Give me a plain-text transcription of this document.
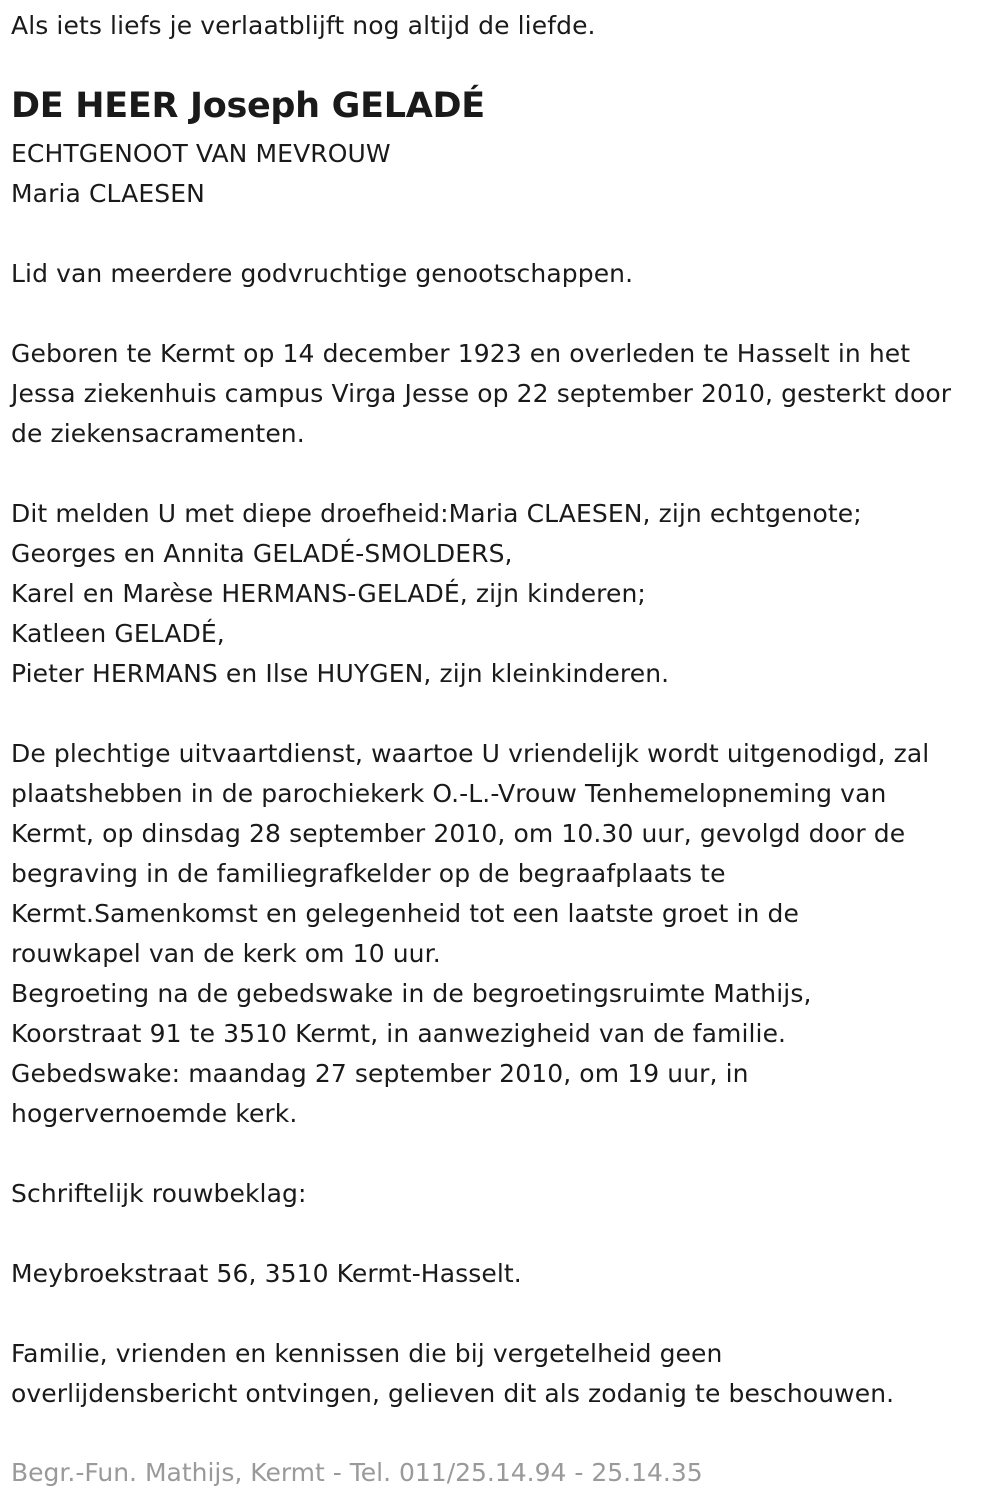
Als iets liefs je verlaatblijft nog altijd de liefde.
DE HEER Joseph GELADÉ
ECHTGENOOT VAN MEVROUW
Maria CLAESEN
Lid van meerdere godvruchtige genootschappen.
Geboren te Kermt op 14 december 1923 en overleden te Hasselt in het
Jessa ziekenhuis campus Virga Jesse op 22 september 2010, gesterkt door
de ziekensacramenten.
Dit melden U met diepe droefheid:Maria CLAESEN, zijn echtgenote;
Georges en Annita GELADÉ-SMOLDERS,
Karel en Marèse HERMANS-GELADÉ, zijn kinderen;
Katleen GELADÉ,
Pieter HERMANS en Ilse HUYGEN, zijn kleinkinderen.
De plechtige uitvaartdienst, waartoe U vriendelijk wordt uitgenodigd, zal
plaatshebben in de parochiekerk O.-L.-Vrouw Tenhemelopneming van
Kermt, op dinsdag 28 september 2010, om 10.30 uur, gevolgd door de
begraving in de familiegrafkelder op de begraafplaats te
Kermt.Samenkomst en gelegenheid tot een laatste groet in de
rouwkapel van de kerk om 10 uur.
Begroeting na de gebedswake in de begroetingsruimte Mathijs,
Koorstraat 91 te 3510 Kermt, in aanwezigheid van de familie.
Gebedswake: maandag 27 september 2010, om 19 uur, in
hogervernoemde kerk.
Schriftelijk rouwbeklag:
Meybroekstraat 56, 3510 Kermt-Hasselt.
Familie, vrienden en kennissen die bij vergetelheid geen
overlijdensbericht ontvingen, gelieven dit als zodanig te beschouwen.
Begr.-Fun. Mathijs, Kermt - Tel. 011/25.14.94 - 25.14.35
